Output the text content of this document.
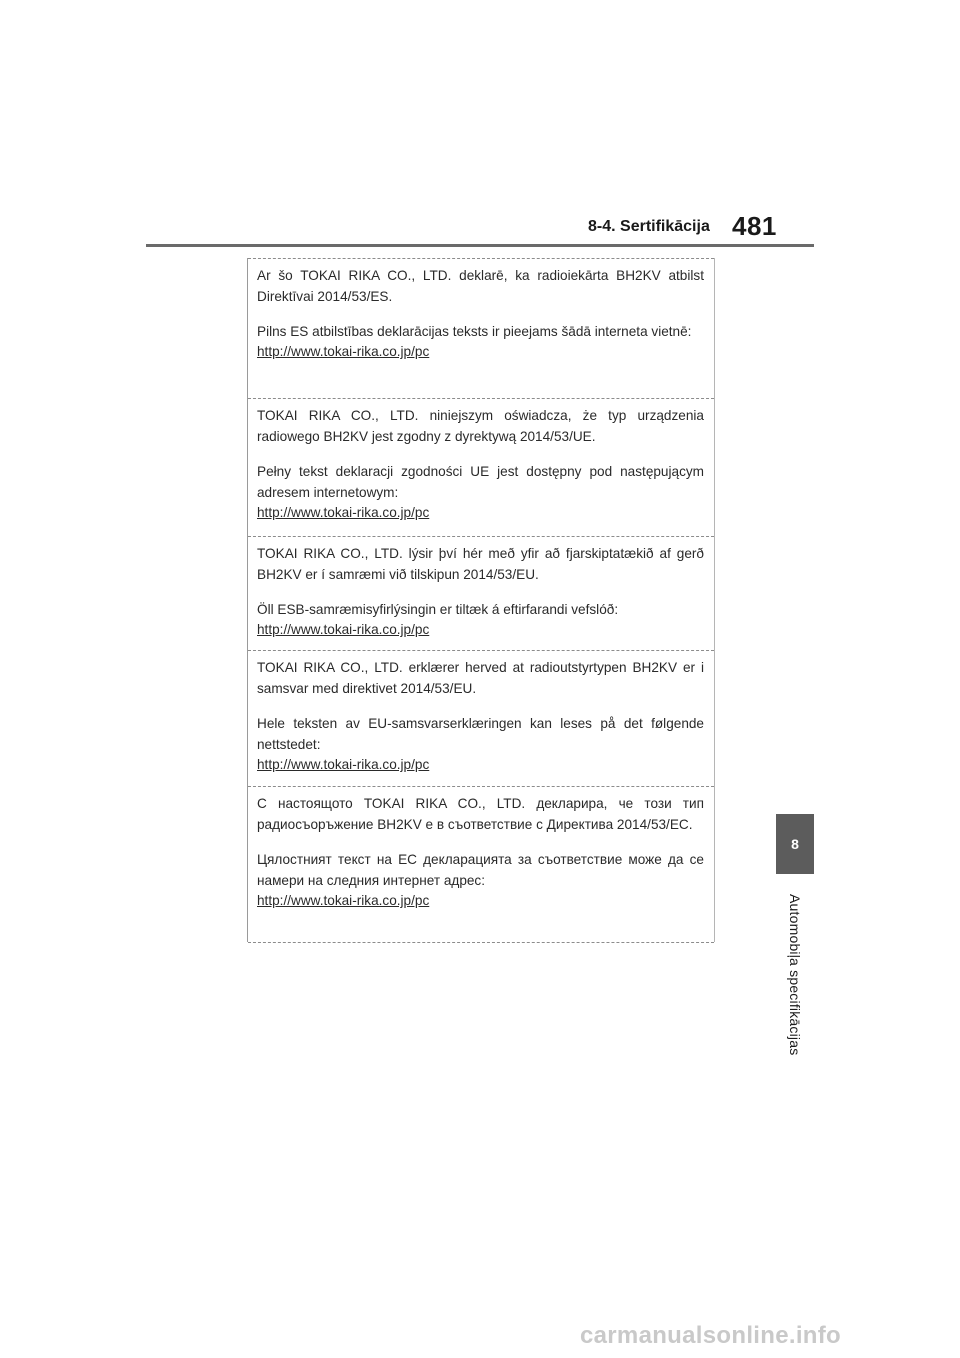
8-4. Sertifikācija 481
8
Automobiļa specifikācijas

Ar šo TOKAI RIKA CO., LTD. deklarē, ka radioiekārta BH2KV atbilst Direktīvai 2014/53/ES.

Pilns ES atbilstības deklarācijas teksts ir pieejams šādā interneta vietnē:

http://www.tokai-rika.co.jp/pc

TOKAI RIKA CO., LTD. niniejszym oświadcza, że typ urządzenia radiowego BH2KV jest zgodny z dyrektywą 2014/53/UE.

Pełny tekst deklaracji zgodności UE jest dostępny pod następującym adresem internetowym:

http://www.tokai-rika.co.jp/pc

TOKAI RIKA CO., LTD. lýsir því hér með yfir að fjarskiptatækið af gerð BH2KV er í samræmi við tilskipun 2014/53/EU.

Öll ESB-samræmisyfirlýsingin er tiltæk á eftirfarandi vefslóð:

http://www.tokai-rika.co.jp/pc

TOKAI RIKA CO., LTD. erklærer herved at radioutstyrtypen BH2KV er i samsvar med direktivet 2014/53/EU.

Hele teksten av EU-samsvarserklæringen kan leses på det følgende nettstedet:

http://www.tokai-rika.co.jp/pc

С настоящото TOKAI RIKA CO., LTD. декларира, че този тип радиосъоръжение BH2KV е в съответствие с Директива 2014/53/ЕС.

Цялостният текст на ЕС декларацията за съответствие може да се намери на следния интернет адрес:

http://www.tokai-rika.co.jp/pc
carmanualsonline.info
